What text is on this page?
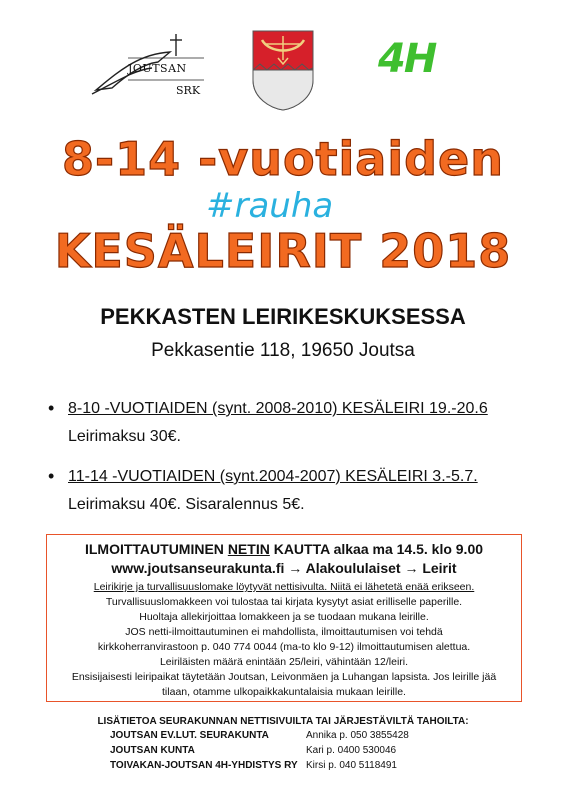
JOUTSAN
SRK
4H
8-14 -vuotiaiden
#rauha
KESÄLEIRIT 2018
PEKKASTEN LEIRIKESKUKSESSA
Pekkasentie 118, 19650 Joutsa
• 8-10 -VUOTIAIDEN (synt. 2008-2010) KESÄLEIRI 19.-20.6
Leirimaksu 30€.
• 11-14 -VUOTIAIDEN (synt.2004-2007) KESÄLEIRI 3.-5.7.
Leirimaksu 40€. Sisaralennus 5€.
ILMOITTAUTUMINEN NETIN KAUTTA alkaa ma 14.5. klo 9.00
www.joutsanseurakunta.fi → Alakoululaiset → Leirit
Leirikirje ja turvallisuuslomake löytyvät nettisivulta. Niitä ei lähetetä enää erikseen.
Turvallisuuslomakkeen voi tulostaa tai kirjata kysytyt asiat erilliselle paperille.
Huoltaja allekirjoittaa lomakkeen ja se tuodaan mukana leirille.
JOS netti-ilmoittautuminen ei mahdollista, ilmoittautumisen voi tehdä
kirkkoherranvirastoon p. 040 774 0044 (ma-to klo 9-12) ilmoittautumisen alettua.
Leiriläisten määrä enintään 25/leiri, vähintään 12/leiri.
Ensisijaisesti leiripaikat täytetään Joutsan, Leivonmäen ja Luhangan lapsista. Jos leirille jää
tilaan, otamme ulkopaikkakuntalaisia mukaan leirille.
LISÄTIETOA SEURAKUNNAN NETTISIVUILTA TAI JÄRJESTÄVILTÄ TAHOILTA:
JOUTSAN EV.LUT. SEURAKUNTA	Annika p. 050 3855428
JOUTSAN KUNTA	Kari p. 0400 530046
TOIVAKAN-JOUTSAN 4H-YHDISTYS RY Kirsi p. 040 5118491
